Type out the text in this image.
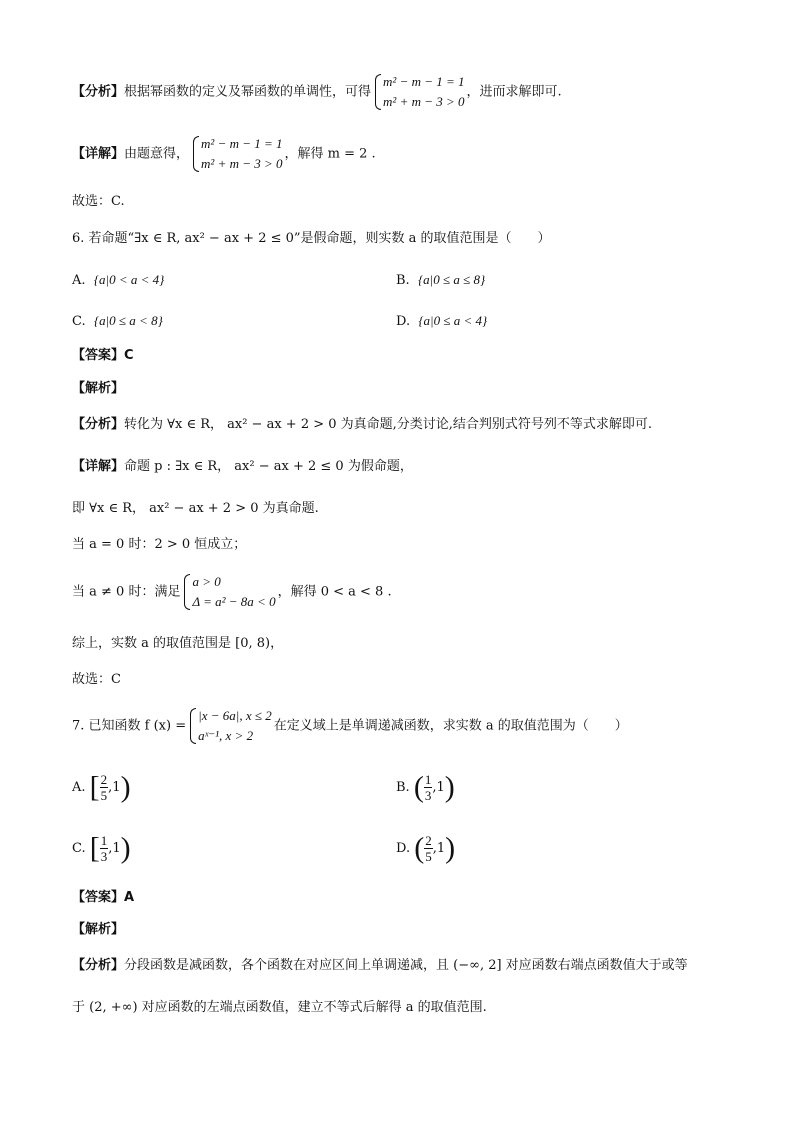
【分析】根据幂函数的定义及幂函数的单调性，可得
m² − m − 1 = 1
m² + m − 3 > 0
，进而求解即可.
【详解】由题意得，
m² − m − 1 = 1
m² + m − 3 > 0
，解得 m = 2 .
故选：C.
6. 若命题“∃x ∈ R, ax² − ax + 2 ≤ 0”是假命题，则实数 a 的取值范围是（　　）
A. {a|0 < a < 4}	B. {a|0 ≤ a ≤ 8}
C. {a|0 ≤ a < 8}	D. {a|0 ≤ a < 4}
【答案】C
【解析】
【分析】转化为 ∀x ∈ R， ax² − ax + 2 > 0 为真命题,分类讨论,结合判别式符号列不等式求解即可.
【详解】命题 p : ∃x ∈ R， ax² − ax + 2 ≤ 0 为假命题，
即 ∀x ∈ R， ax² − ax + 2 > 0 为真命题.
当 a = 0 时：2 > 0 恒成立；
当 a ≠ 0 时：满足
a > 0
Δ = a² − 8a < 0
，解得 0 < a < 8 .
综上，实数 a 的取值范围是 [0, 8)，
故选：C
7. 已知函数 f (x) =
|x − 6a|, x ≤ 2
aˣ⁻¹, x > 2
在定义域上是单调递减函数，求实数 a 的取值范围为（　　）
A. [ $\frac{2}{5} ,1$)	B. ( $\frac{1}{3} ,1$)
C. [ $\frac{1}{3} ,1$)	D. ( $\frac{2}{5} ,1$)
【答案】A
【解析】
【分析】分段函数是减函数，各个函数在对应区间上单调递减，且 (−∞, 2] 对应函数右端点函数值大于或等
于 (2, +∞) 对应函数的左端点函数值，建立不等式后解得 a 的取值范围.
